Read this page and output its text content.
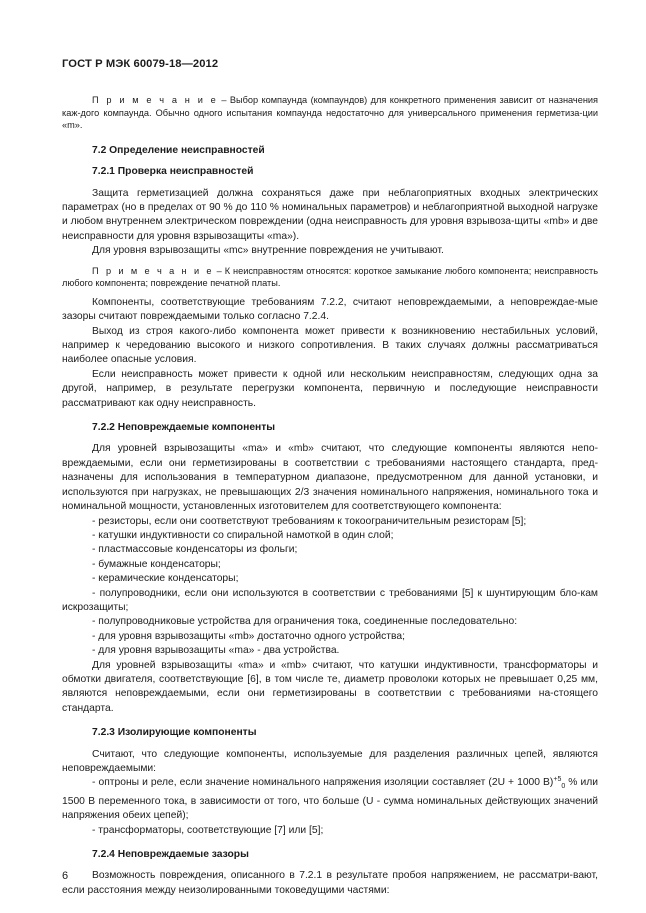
ГОСТ Р МЭК 60079-18—2012

П р и м е ч а н и е – Выбор компаунда (компаундов) для конкретного применения зависит от назначения каж-дого компаунда. Обычно одного испытания компаунда недостаточно для универсального применения герметиза-ции «m».

7.2 Определение неисправностей

7.2.1 Проверка неисправностей

Защита герметизацией должна сохраняться даже при неблагоприятных входных электрических параметрах (но в пределах от 90 % до 110 % номинальных параметров) и неблагоприятной выходной нагрузке и любом внутреннем электрическом повреждении (одна неисправность для уровня взрывоза-щиты «mb» и две неисправности для уровня взрывозащиты «ma»).

Для уровня взрывозащиты «mc» внутренние повреждения не учитывают.

П р и м е ч а н и е – К неисправностям относятся: короткое замыкание любого компонента; неисправность любого компонента; повреждение печатной платы.

Компоненты, соответствующие требованиям 7.2.2, считают неповреждаемыми, а неповреждае-мые зазоры считают повреждаемыми только согласно 7.2.4.

Выход из строя какого-либо компонента может привести к возникновению нестабильных условий, например к чередованию высокого и низкого сопротивления. В таких случаях должны рассматриваться наиболее опасные условия.

Если неисправность может привести к одной или нескольким неисправностям, следующих одна за другой, например, в результате перегрузки компонента, первичную и последующие неисправности рассматривают как одну неисправность.

7.2.2 Неповреждаемые компоненты

Для уровней взрывозащиты «ma» и «mb» считают, что следующие компоненты являются непо-вреждаемыми, если они герметизированы в соответствии с требованиями настоящего стандарта, пред-назначены для использования в температурном диапазоне, предусмотренном для данной установки, и используются при нагрузках, не превышающих 2/3 значения номинального напряжения, номинального тока и номинальной мощности, установленных изготовителем для соответствующего компонента:

- резисторы, если они соответствуют требованиям к токоограничительным резисторам [5];

- катушки индуктивности со спиральной намоткой в один слой;

- пластмассовые конденсаторы из фольги;

- бумажные конденсаторы;

- керамические конденсаторы;

- полупроводники, если они используются в соответствии с требованиями [5] к шунтирующим бло-кам искрозащиты;

- полупроводниковые устройства для ограничения тока, соединенные последовательно:

- для уровня взрывозащиты «mb» достаточно одного устройства;

- для уровня взрывозащиты «ma» - два устройства.

Для уровней взрывозащиты «ma» и «mb» считают, что катушки индуктивности, трансформаторы и обмотки двигателя, соответствующие [6], в том числе те, диаметр проволоки которых не превышает 0,25 мм, являются неповреждаемыми, если они герметизированы в соответствии с требованиями на-стоящего стандарта.

7.2.3 Изолирующие компоненты

Считают, что следующие компоненты, используемые для разделения различных цепей, являются неповреждаемыми:

- оптроны и реле, если значение номинального напряжения изоляции составляет (2U + 1000 В)$^{+5}_0$ % или 1500 В переменного тока, в зависимости от того, что больше (U - сумма номинальных действующих значений напряжения обеих цепей);

- трансформаторы, соответствующие [7] или [5];

7.2.4 Неповреждаемые зазоры

Возможность повреждения, описанного в 7.2.1 в результате пробоя напряжением, не рассматри-вают, если расстояния между неизолированными токоведущими частями:

6
